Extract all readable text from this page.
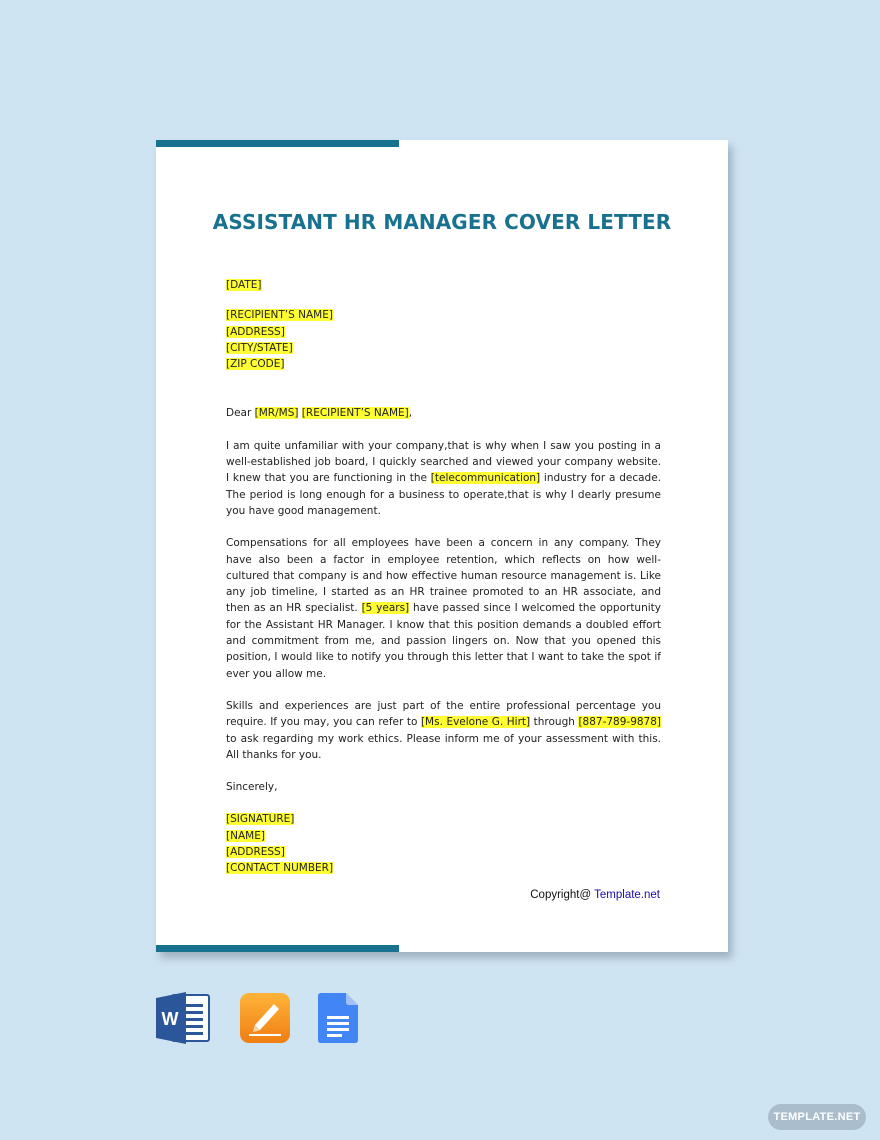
ASSISTANT HR MANAGER COVER LETTER
[DATE]
[RECIPIENT’S NAME]
[ADDRESS]
[CITY/STATE]
[ZIP CODE]
Dear [MR/MS] [RECIPIENT’S NAME],

I am quite unfamiliar with your company,that is why when I saw you posting in a well-established job board, I quickly searched and viewed your company website. I knew that you are functioning in the [telecommunication] industry for a decade. The period is long enough for a business to operate,that is why I dearly presume you have good management.

Compensations for all employees have been a concern in any company. They have also been a factor in employee retention, which reflects on how well-cultured that company is and how effective human resource management is. Like any job timeline, I started as an HR trainee promoted to an HR associate, and then as an HR specialist. [5 years] have passed since I welcomed the opportunity for the Assistant HR Manager. I know that this position demands a doubled effort and commitment from me, and passion lingers on. Now that you opened this position, I would like to notify you through this letter that I want to take the spot if ever you allow me.

Skills and experiences are just part of the entire professional percentage you require. If you may, you can refer to [Ms. Evelone G. Hirt] through [887-789-9878] to ask regarding my work ethics. Please inform me of your assessment with this. All thanks for you.

Sincerely,
[SIGNATURE]
[NAME]
[ADDRESS]
[CONTACT NUMBER]
Copyright@ Template.net
W
TEMPLATE.NET
